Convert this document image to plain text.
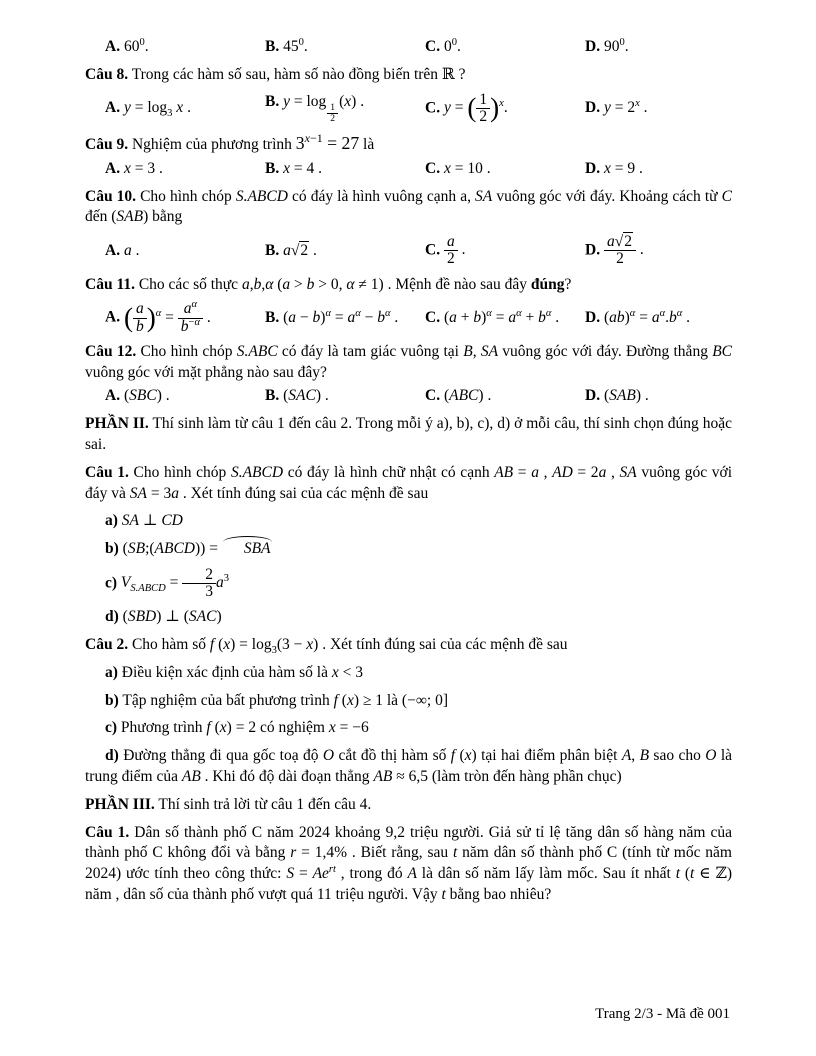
A. $60^0$.	B. $45^0$.	C. $0^0$.	D. $90^0$.

Câu 8. Trong các hàm số sau, hàm số nào đồng biến trên ℝ ?

A. $y = \log_3 x$ .	B. y = log
$\frac{1}{2}$
(x) .	C. y = ( $\frac{1}{2} )^x$.	D. $y = 2^x$ .

Câu 9. Nghiệm của phương trình $3^{x-1} = 27$ là

A. x = 3 .	B. x = 4 .	C. x = 10 .	D. x = 9 .

Câu 10. Cho hình chóp S.ABCD có đáy là hình vuông cạnh a, SA vuông góc với đáy. Khoảng cách từ C đến (SAB) bằng

A. a .	B. a√2 .	C. $\frac{a}{2}$ .	D. $\frac{a√2}{2}$ .

Câu 11. Cho các số thực a,b,α (a > b > 0, α ≠ 1) . Mệnh đề nào sau đây đúng?

A. ( $\frac{a}{b} )^\alpha = \frac{a^\alpha}{b^{-\alpha}}$ .	B. $(a - b)^\alpha = a^\alpha - b^\alpha$ .	C. $(a + b)^\alpha = a^\alpha + b^\alpha$ .	D. $(ab)^\alpha = a^\alpha.b^\alpha$ .

Câu 12. Cho hình chóp S.ABC có đáy là tam giác vuông tại B, SA vuông góc với đáy. Đường thẳng BC vuông góc với mặt phẳng nào sau đây?

A. (SBC) .	B. (SAC) .	C. (ABC) .	D. (SAB) .

PHẦN II. Thí sinh làm từ câu 1 đến câu 2. Trong mỗi ý a), b), c), d) ở mỗi câu, thí sinh chọn đúng hoặc sai.

Câu 1. Cho hình chóp S.ABCD có đáy là hình chữ nhật có cạnh AB = a , AD = 2a , SA vuông góc với đáy và SA = 3a . Xét tính đúng sai của các mệnh đề sau

a) SA ⊥ CD

b) (SB;(ABCD)) = SBA

c) $V_{S.ABCD} = \frac{2}{3} a^3$

d) (SBD) ⊥ (SAC)

Câu 2. Cho hàm số f $(x) = \log_3(3 - x)$ . Xét tính đúng sai của các mệnh đề sau

a) Điều kiện xác định của hàm số là x < 3

b) Tập nghiệm của bất phương trình f (x) ≥ 1 là (−∞; 0]

c) Phương trình f (x) = 2 có nghiệm x = −6

d) Đường thẳng đi qua gốc toạ độ O cắt đồ thị hàm số f (x) tại hai điểm phân biệt A, B sao cho O là trung điểm của AB . Khi đó độ dài đoạn thẳng AB ≈ 6,5 (làm tròn đến hàng phần chục)

PHẦN III. Thí sinh trả lời từ câu 1 đến câu 4.

Câu 1. Dân số thành phố C năm 2024 khoảng 9,2 triệu người. Giả sử tỉ lệ tăng dân số hàng năm của thành phố C không đổi và bằng r = 1,4% . Biết rằng, sau t năm dân số thành phố C (tính từ mốc năm 2024) ước tính theo công thức: $S = Ae^{rt}$ , trong đó A là dân số năm lấy làm mốc. Sau ít nhất t (t ∈ ℤ) năm , dân số của thành phố vượt quá 11 triệu người. Vậy t bằng bao nhiêu?

Trang 2/3 - Mã đề 001
